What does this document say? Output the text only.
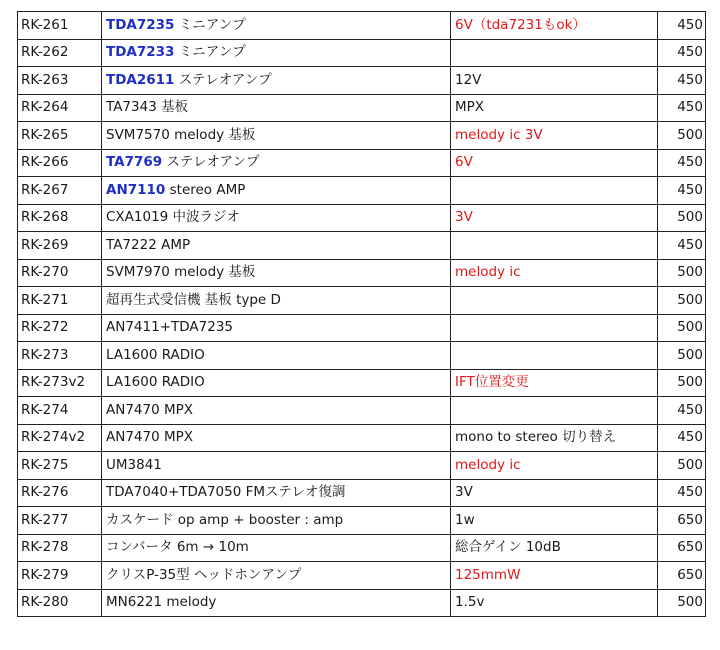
RK-261	TDA7235 ミニアンプ	6V（tda7231もok）	450
RK-262	TDA7233 ミニアンプ		450
RK-263	TDA2611 ステレオアンプ	12V	450
RK-264	TA7343 基板	MPX	450
RK-265	SVM7570 melody 基板	melody ic 3V	500
RK-266	TA7769 ステレオアンプ	6V	450
RK-267	AN7110 stereo AMP		450
RK-268	CXA1019 中波ラジオ	3V	500
RK-269	TA7222 AMP		450
RK-270	SVM7970 melody 基板	melody ic	500
RK-271	超再生式受信機 基板 type D		500
RK-272	AN7411+TDA7235		500
RK-273	LA1600 RADIO		500
RK-273v2	LA1600 RADIO	IFT位置変更	500
RK-274	AN7470 MPX		450
RK-274v2	AN7470 MPX	mono to stereo 切り替え	450
RK-275	UM3841	melody ic	500
RK-276	TDA7040+TDA7050 FMステレオ復調	3V	450
RK-277	カスケード op amp + booster : amp	1w	650
RK-278	コンバータ 6m → 10m	総合ゲイン 10dB	650
RK-279	クリスP-35型 ヘッドホンアンプ	125mmW	650
RK-280	MN6221 melody	1.5v	500
